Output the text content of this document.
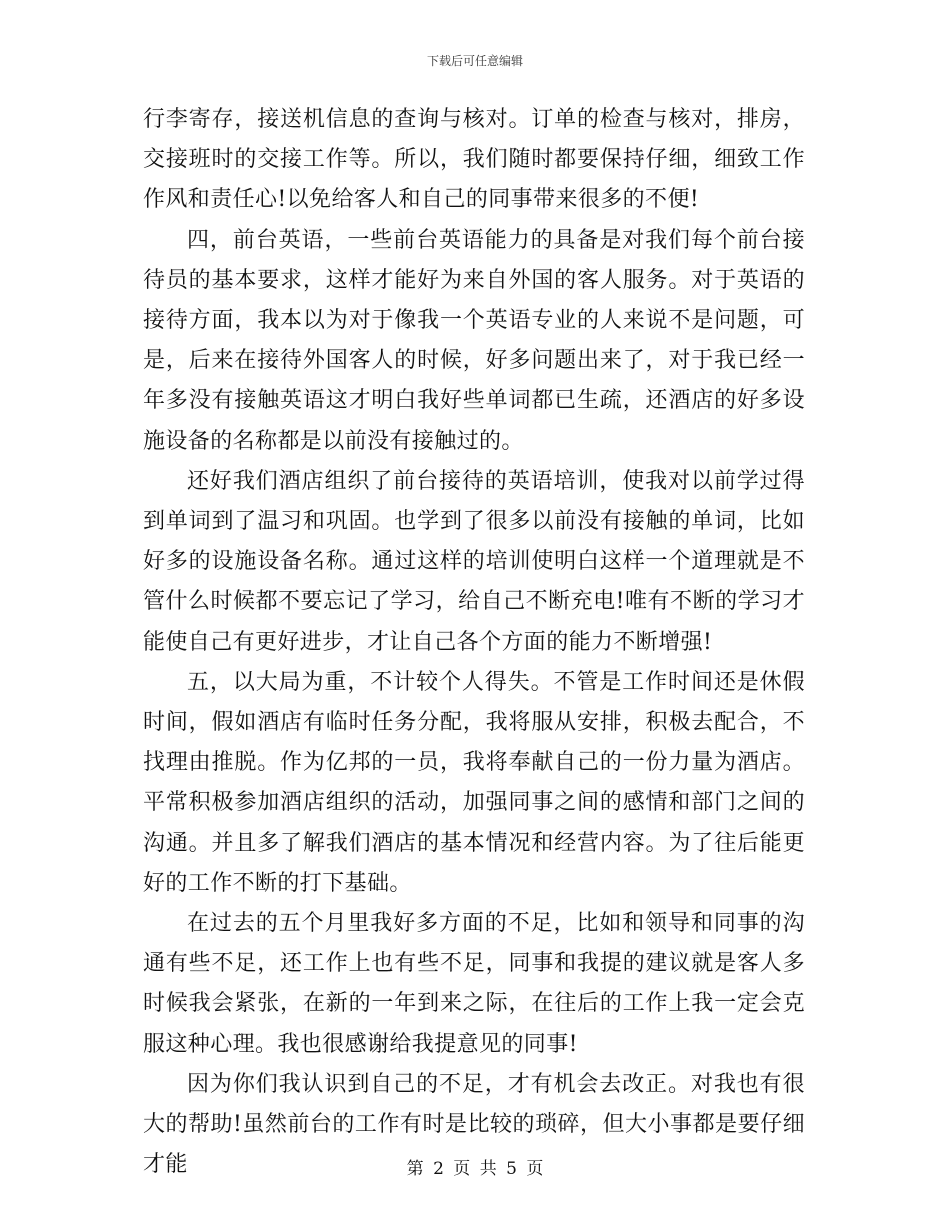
下载后可任意编辑

行李寄存，接送机信息的查询与核对。订单的检查与核对，排房，交接班时的交接工作等。所以，我们随时都要保持仔细，细致工作作风和责任心!以免给客人和自己的同事带来很多的不便!

四，前台英语，一些前台英语能力的具备是对我们每个前台接待员的基本要求，这样才能好为来自外国的客人服务。对于英语的接待方面，我本以为对于像我一个英语专业的人来说不是问题，可是，后来在接待外国客人的时候，好多问题出来了，对于我已经一年多没有接触英语这才明白我好些单词都已生疏，还酒店的好多设施设备的名称都是以前没有接触过的。

还好我们酒店组织了前台接待的英语培训，使我对以前学过得到单词到了温习和巩固。也学到了很多以前没有接触的单词，比如好多的设施设备名称。通过这样的培训使明白这样一个道理就是不管什么时候都不要忘记了学习，给自己不断充电!唯有不断的学习才能使自己有更好进步，才让自己各个方面的能力不断增强!

五，以大局为重，不计较个人得失。不管是工作时间还是休假时间，假如酒店有临时任务分配，我将服从安排，积极去配合，不找理由推脱。作为亿邦的一员，我将奉献自己的一份力量为酒店。平常积极参加酒店组织的活动，加强同事之间的感情和部门之间的沟通。并且多了解我们酒店的基本情况和经营内容。为了往后能更好的工作不断的打下基础。

在过去的五个月里我好多方面的不足，比如和领导和同事的沟通有些不足，还工作上也有些不足，同事和我提的建议就是客人多时候我会紧张，在新的一年到来之际，在往后的工作上我一定会克服这种心理。我也很感谢给我提意见的同事!

因为你们我认识到自己的不足，才有机会去改正。对我也有很大的帮助!虽然前台的工作有时是比较的琐碎，但大小事都是要仔细才能	第 2 页 共 5 页
